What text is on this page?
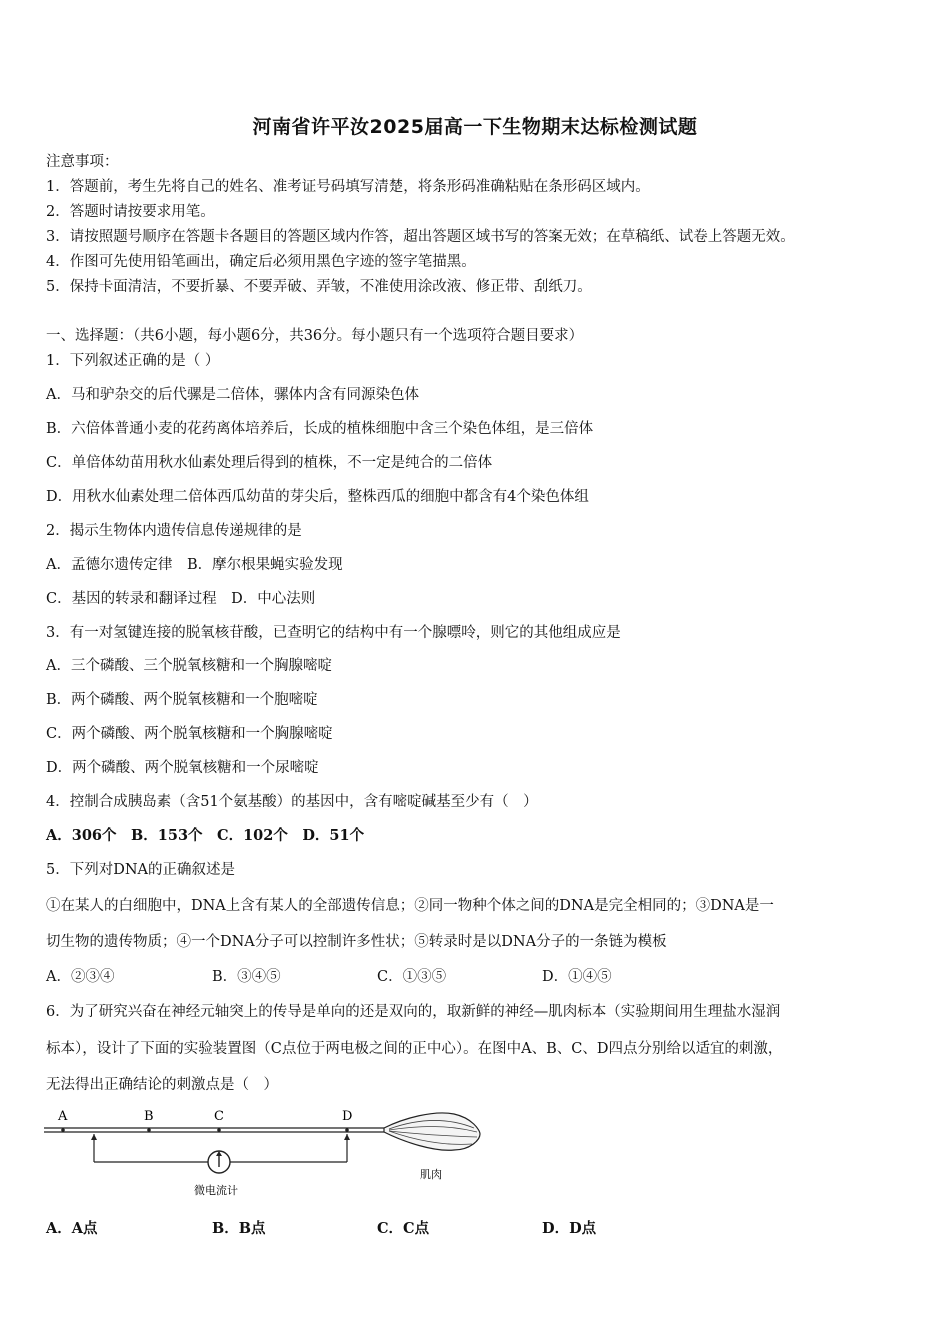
河南省许平汝2025届高一下生物期末达标检测试题
注意事项：
1．答题前，考生先将自己的姓名、准考证号码填写清楚，将条形码准确粘贴在条形码区域内。
2．答题时请按要求用笔。
3．请按照题号顺序在答题卡各题目的答题区域内作答，超出答题区域书写的答案无效；在草稿纸、试卷上答题无效。
4．作图可先使用铅笔画出，确定后必须用黑色字迹的签字笔描黑。
5．保持卡面清洁，不要折暴、不要弄破、弄皱，不准使用涂改液、修正带、刮纸刀。
一、选择题：（共6小题，每小题6分，共36分。每小题只有一个选项符合题目要求）
1．下列叙述正确的是（ ）
A．马和驴杂交的后代骡是二倍体，骡体内含有同源染色体
B．六倍体普通小麦的花药离体培养后，长成的植株细胞中含三个染色体组，是三倍体
C．单倍体幼苗用秋水仙素处理后得到的植株，不一定是纯合的二倍体
D．用秋水仙素处理二倍体西瓜幼苗的芽尖后，整株西瓜的细胞中都含有4个染色体组
2．揭示生物体内遗传信息传递规律的是
A．孟德尔遗传定律　B．摩尔根果蝇实验发现
C．基因的转录和翻译过程　D．中心法则
3．有一对氢键连接的脱氧核苷酸，已查明它的结构中有一个腺嘌呤，则它的其他组成应是
A．三个磷酸、三个脱氧核糖和一个胸腺嘧啶
B．两个磷酸、两个脱氧核糖和一个胞嘧啶
C．两个磷酸、两个脱氧核糖和一个胸腺嘧啶
D．两个磷酸、两个脱氧核糖和一个尿嘧啶
4．控制合成胰岛素（含51个氨基酸）的基因中，含有嘧啶碱基至少有（　）
A．306个　B．153个　C．102个　D．51个
5．下列对DNA的正确叙述是
①在某人的白细胞中，DNA上含有某人的全部遗传信息；②同一物种个体之间的DNA是完全相同的；③DNA是一
切生物的遗传物质；④一个DNA分子可以控制许多性状；⑤转录时是以DNA分子的一条链为模板
A．②③④	B．③④⑤	C．①③⑤	D．①④⑤
6．为了研究兴奋在神经元轴突上的传导是单向的还是双向的，取新鲜的神经—肌肉标本（实验期间用生理盐水湿润
标本），设计了下面的实验装置图（C点位于两电极之间的正中心）。在图中A、B、C、D四点分别给以适宜的刺激，
无法得出正确结论的刺激点是（　）
A	B	C	D
微电流计
肌肉
A．A点	B．B点	C．C点	D．D点
